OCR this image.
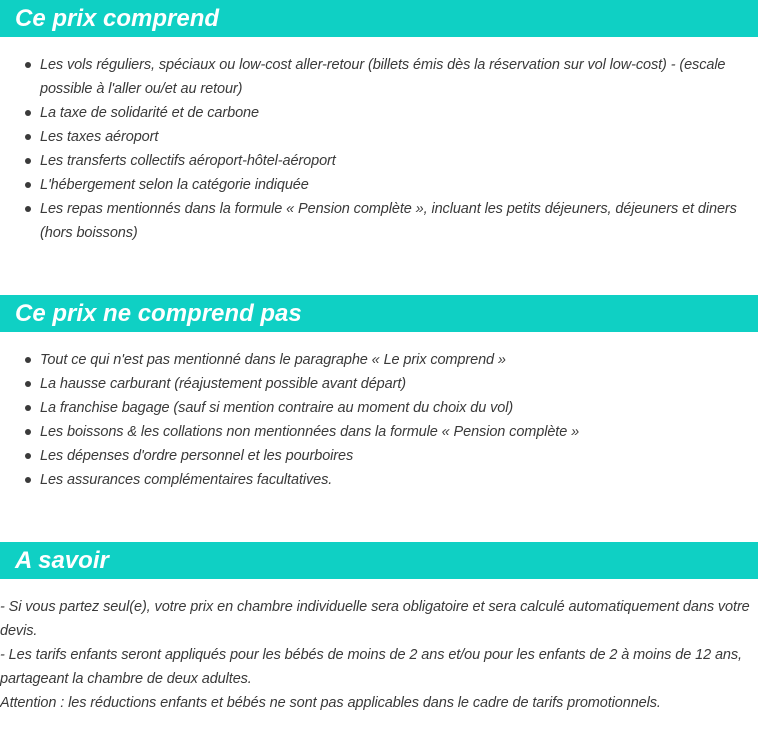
Ce prix comprend
Les vols réguliers, spéciaux ou low-cost aller-retour (billets émis dès la réservation sur vol low-cost) - (escale possible à l'aller ou/et au retour)
La taxe de solidarité et de carbone
Les taxes aéroport
Les transferts collectifs aéroport-hôtel-aéroport
L'hébergement selon la catégorie indiquée
Les repas mentionnés dans la formule « Pension complète », incluant les petits déjeuners, déjeuners et diners (hors boissons)
Ce prix ne comprend pas
Tout ce qui n'est pas mentionné dans le paragraphe « Le prix comprend »
La hausse carburant (réajustement possible avant départ)
La franchise bagage (sauf si mention contraire au moment du choix du vol)
Les boissons & les collations non mentionnées dans la formule « Pension complète »
Les dépenses d'ordre personnel et les pourboires
Les assurances complémentaires facultatives.
A savoir

- Si vous partez seul(e), votre prix en chambre individuelle sera obligatoire et sera calculé automatiquement dans votre devis.

- Les tarifs enfants seront appliqués pour les bébés de moins de 2 ans et/ou pour les enfants de 2 à moins de 12 ans, partageant la chambre de deux adultes.

Attention : les réductions enfants et bébés ne sont pas applicables dans le cadre de tarifs promotionnels.
